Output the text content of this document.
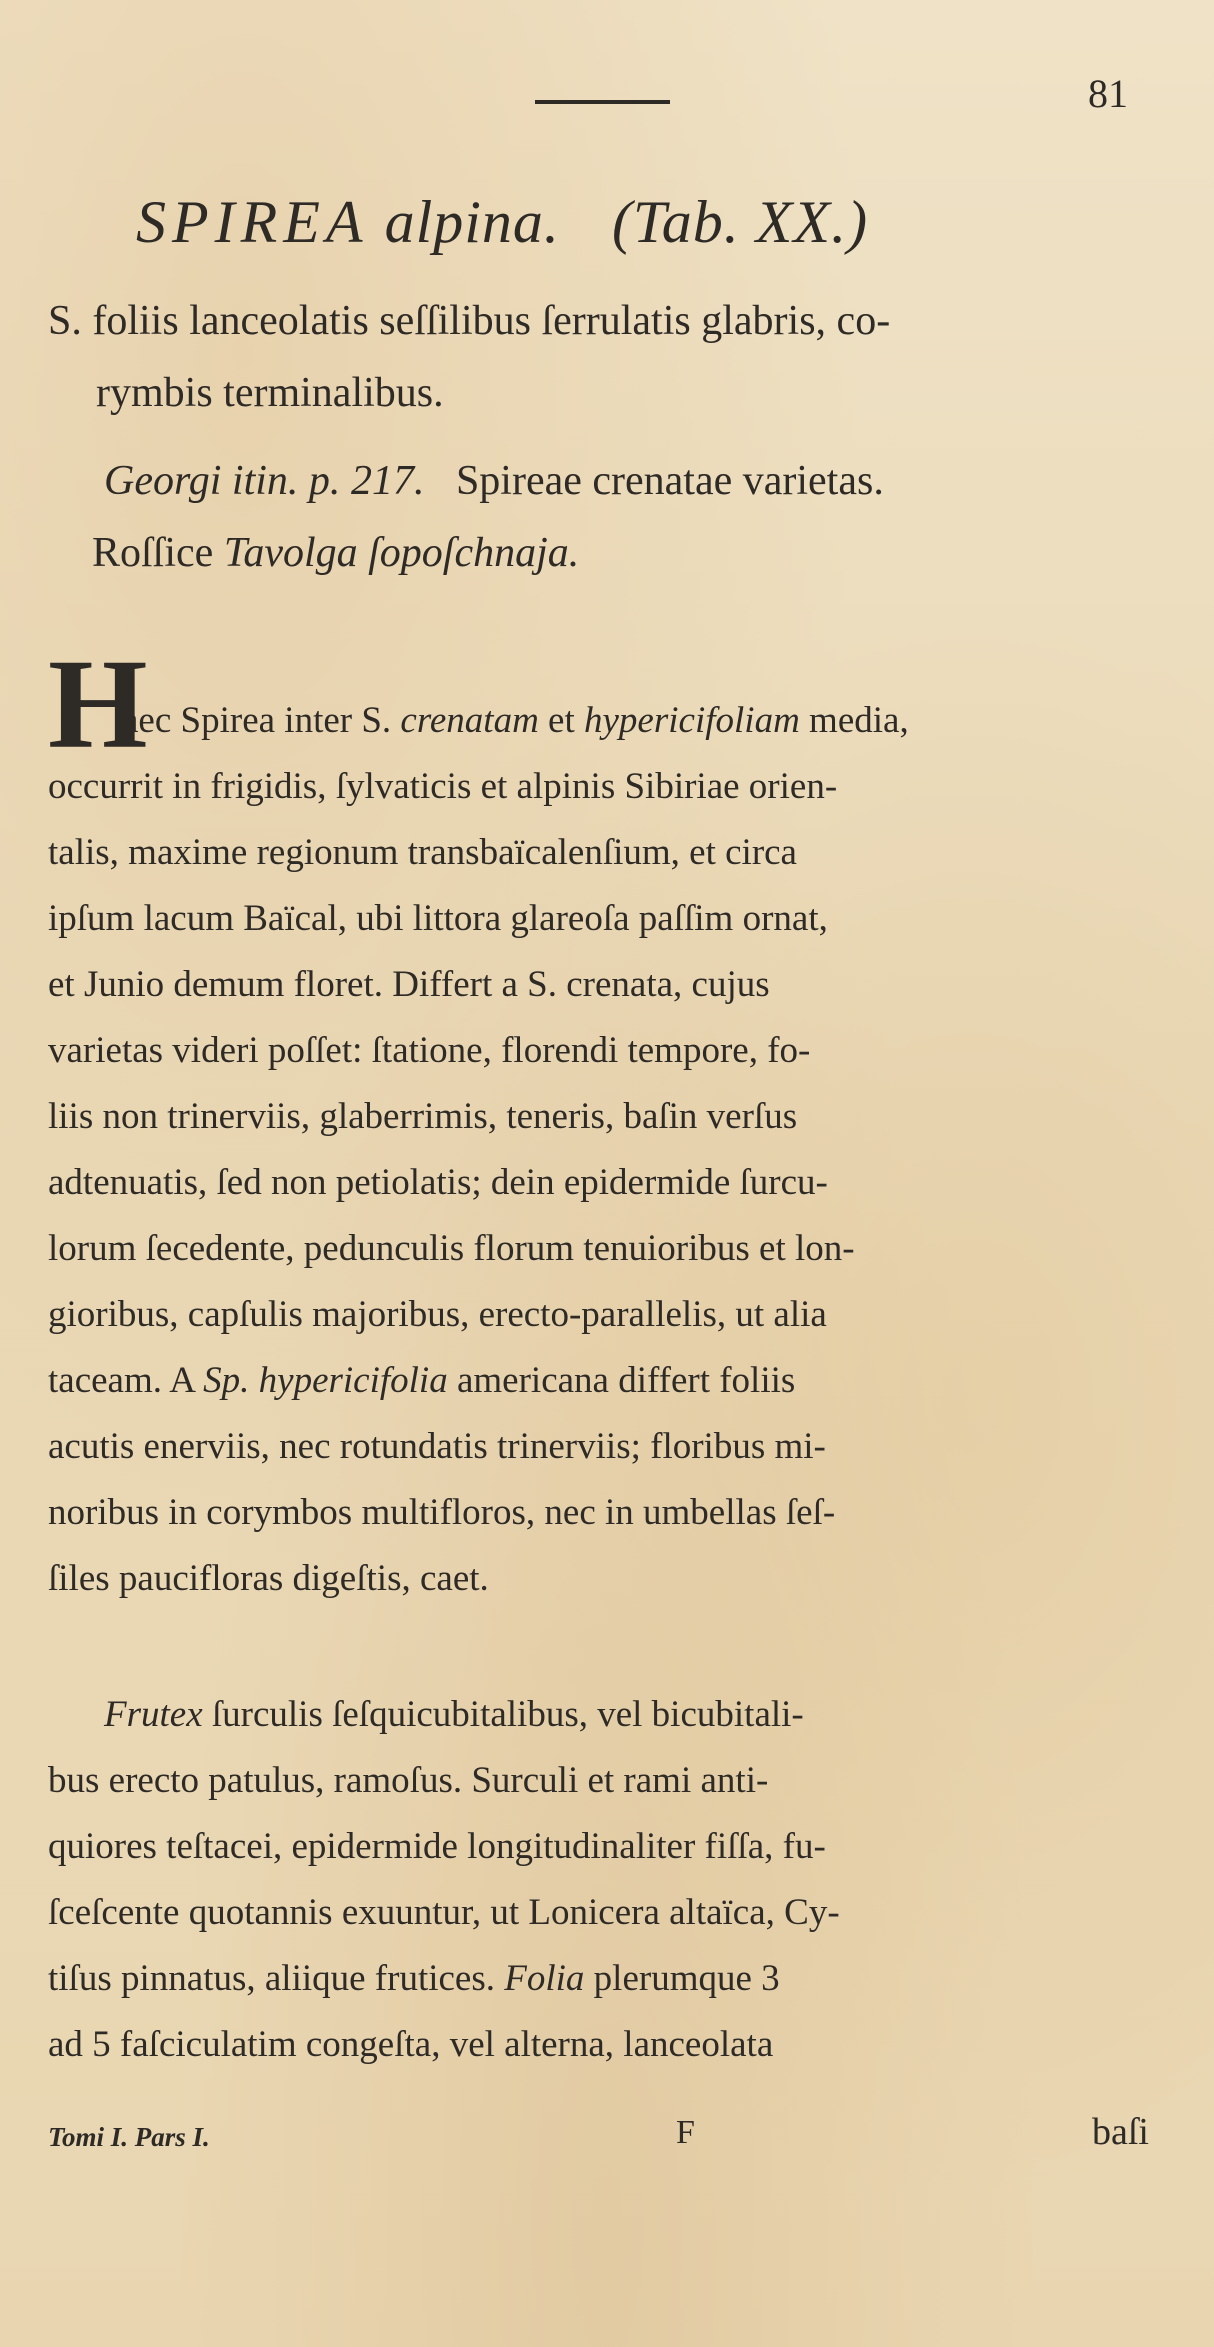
81
SPIREA alpina. (Tab. XX.)
S. foliis lanceolatis seſſilibus ſerrulatis glabris, co-
rymbis terminalibus.
Georgi itin. p. 217. Spireae crenatae varietas.
Roſſice Tavolga ſopoſchnaja.
H
aec Spirea inter S. crenatam et hypericifoliam media,
occurrit in frigidis, ſylvaticis et alpinis Sibiriae orien-
talis, maxime regionum transbaïcalenſium, et circa
ipſum lacum Baïcal, ubi littora glareoſa paſſim ornat,
et Junio demum floret. Differt a S. crenata, cujus
varietas videri poſſet: ſtatione, florendi tempore, fo-
liis non trinerviis, glaberrimis, teneris, baſin verſus
adtenuatis, ſed non petiolatis; dein epidermide ſurcu-
lorum ſecedente, pedunculis florum tenuioribus et lon-
gioribus, capſulis majoribus, erecto-parallelis, ut alia
taceam. A Sp. hypericifolia americana differt foliis
acutis enerviis, nec rotundatis trinerviis; floribus mi-
noribus in corymbos multifloros, nec in umbellas ſeſ-
ſiles paucifloras digeſtis, caet.
Frutex ſurculis ſeſquicubitalibus, vel bicubitali-
bus erecto patulus, ramoſus. Surculi et rami anti-
quiores teſtacei, epidermide longitudinaliter fiſſa, fu-
ſceſcente quotannis exuuntur, ut Lonicera altaïca, Cy-
tiſus pinnatus, aliique frutices. Folia plerumque 3
ad 5 faſciculatim congeſta, vel alterna, lanceolata
Tomi I. Pars I.	F	baſi
